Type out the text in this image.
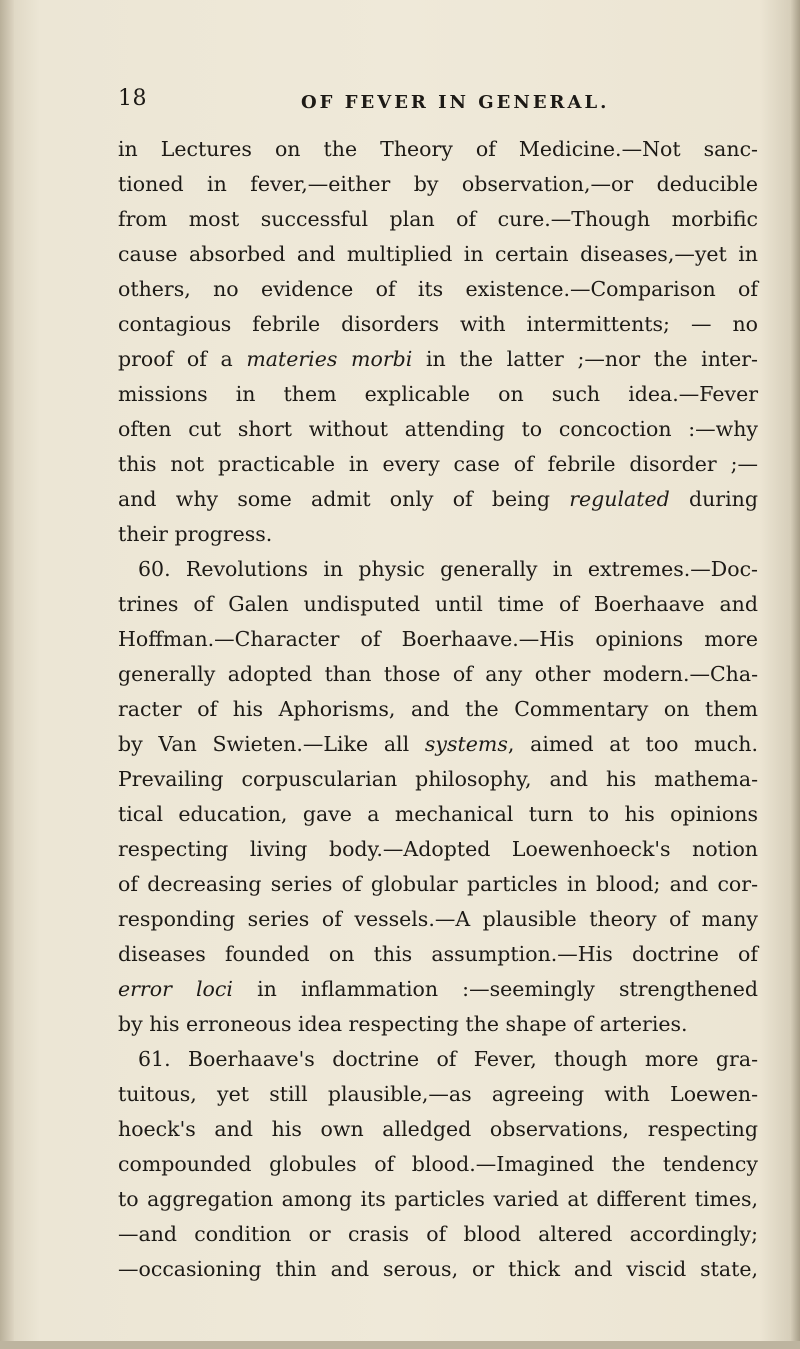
18	OF FEVER IN GENERAL.
in Lectures on the Theory of Medicine.—Not sanc-
tioned in fever,—either by observation,—or deducible
from most successful plan of cure.—Though morbific
cause absorbed and multiplied in certain diseases,—yet in
others, no evidence of its existence.—Comparison of
contagious febrile disorders with intermittents; — no
proof of a materies morbi in the latter ;—nor the inter-
missions in them explicable on such idea.—Fever
often cut short without attending to concoction :—why
this not practicable in every case of febrile disorder ;—
and why some admit only of being regulated during
their progress.
60. Revolutions in physic generally in extremes.—Doc-
trines of Galen undisputed until time of Boerhaave and
Hoffman.—Character of Boerhaave.—His opinions more
generally adopted than those of any other modern.—Cha-
racter of his Aphorisms, and the Commentary on them
by Van Swieten.—Like all systems, aimed at too much.
Prevailing corpuscularian philosophy, and his mathema-
tical education, gave a mechanical turn to his opinions
respecting living body.—Adopted Loewenhoeck's notion
of decreasing series of globular particles in blood; and cor-
responding series of vessels.—A plausible theory of many
diseases founded on this assumption.—His doctrine of
error loci in inflammation :—seemingly strengthened
by his erroneous idea respecting the shape of arteries.
61. Boerhaave's doctrine of Fever, though more gra-
tuitous, yet still plausible,—as agreeing with Loewen-
hoeck's and his own alledged observations, respecting
compounded globules of blood.—Imagined the tendency
to aggregation among its particles varied at different times,
—and condition or crasis of blood altered accordingly;
—occasioning thin and serous, or thick and viscid state,
